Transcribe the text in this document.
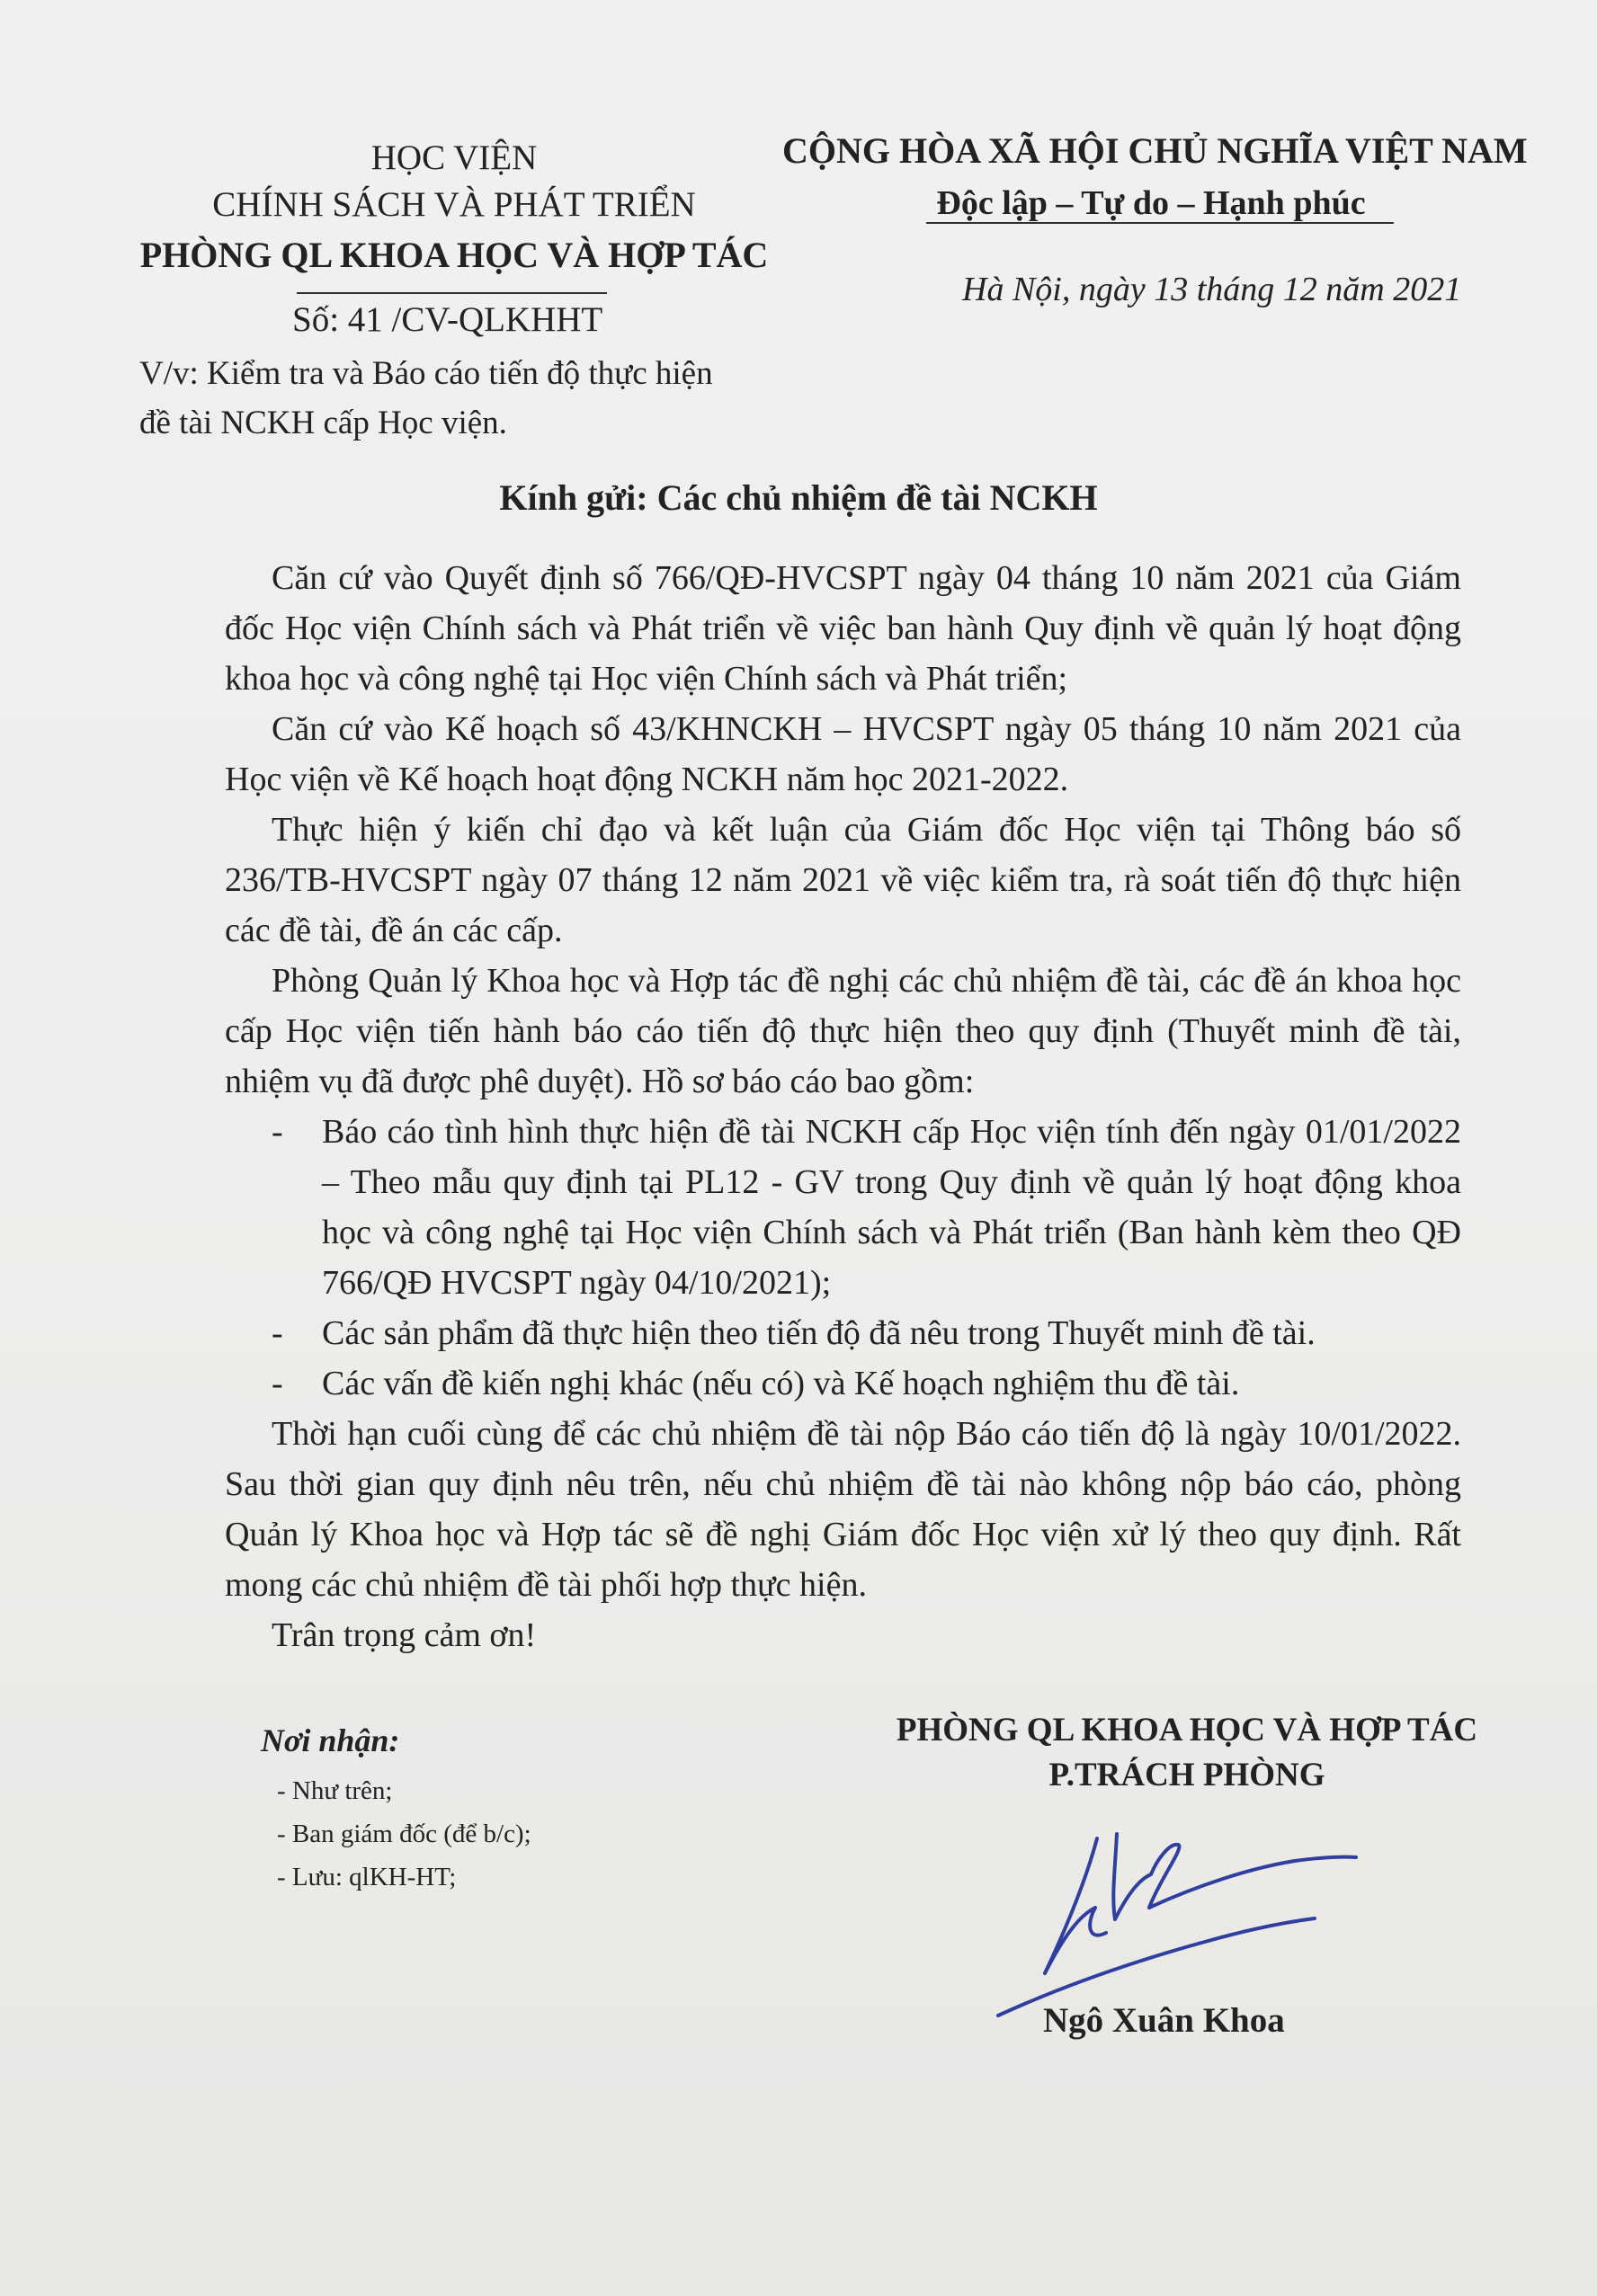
HỌC VIỆN
CHÍNH SÁCH VÀ PHÁT TRIỂN
PHÒNG QL KHOA HỌC VÀ HỢP TÁC
Số: 41 /CV-QLKHHT
V/v: Kiểm tra và Báo cáo tiến độ thực hiện
đề tài NCKH cấp Học viện.
CỘNG HÒA XÃ HỘI CHỦ NGHĨA VIỆT NAM
Độc lập – Tự do – Hạnh phúc
Hà Nội, ngày 13 tháng 12 năm 2021
Kính gửi: Các chủ nhiệm đề tài NCKH

Căn cứ vào Quyết định số 766/QĐ-HVCSPT ngày 04 tháng 10 năm 2021 của Giám đốc Học viện Chính sách và Phát triển về việc ban hành Quy định về quản lý hoạt động khoa học và công nghệ tại Học viện Chính sách và Phát triển;

Căn cứ vào Kế hoạch số 43/KHNCKH – HVCSPT ngày 05 tháng 10 năm 2021 của Học viện về Kế hoạch hoạt động NCKH năm học 2021-2022.

Thực hiện ý kiến chỉ đạo và kết luận của Giám đốc Học viện tại Thông báo số 236/TB-HVCSPT ngày 07 tháng 12 năm 2021 về việc kiểm tra, rà soát tiến độ thực hiện các đề tài, đề án các cấp.

Phòng Quản lý Khoa học và Hợp tác đề nghị các chủ nhiệm đề tài, các đề án khoa học cấp Học viện tiến hành báo cáo tiến độ thực hiện theo quy định (Thuyết minh đề tài, nhiệm vụ đã được phê duyệt). Hồ sơ báo cáo bao gồm:

- Báo cáo tình hình thực hiện đề tài NCKH cấp Học viện tính đến ngày 01/01/2022 – Theo mẫu quy định tại PL12 - GV trong Quy định về quản lý hoạt động khoa học và công nghệ tại Học viện Chính sách và Phát triển (Ban hành kèm theo QĐ 766/QĐ HVCSPT ngày 04/10/2021);
- Các sản phẩm đã thực hiện theo tiến độ đã nêu trong Thuyết minh đề tài.
- Các vấn đề kiến nghị khác (nếu có) và Kế hoạch nghiệm thu đề tài.

Thời hạn cuối cùng để các chủ nhiệm đề tài nộp Báo cáo tiến độ là ngày 10/01/2022. Sau thời gian quy định nêu trên, nếu chủ nhiệm đề tài nào không nộp báo cáo, phòng Quản lý Khoa học và Hợp tác sẽ đề nghị Giám đốc Học viện xử lý theo quy định. Rất mong các chủ nhiệm đề tài phối hợp thực hiện.

Trân trọng cảm ơn!

Nơi nhận:
- Như trên;
- Ban giám đốc (để b/c);
- Lưu: qlKH-HT;
PHÒNG QL KHOA HỌC VÀ HỢP TÁC
P.TRÁCH PHÒNG
Ngô Xuân Khoa
